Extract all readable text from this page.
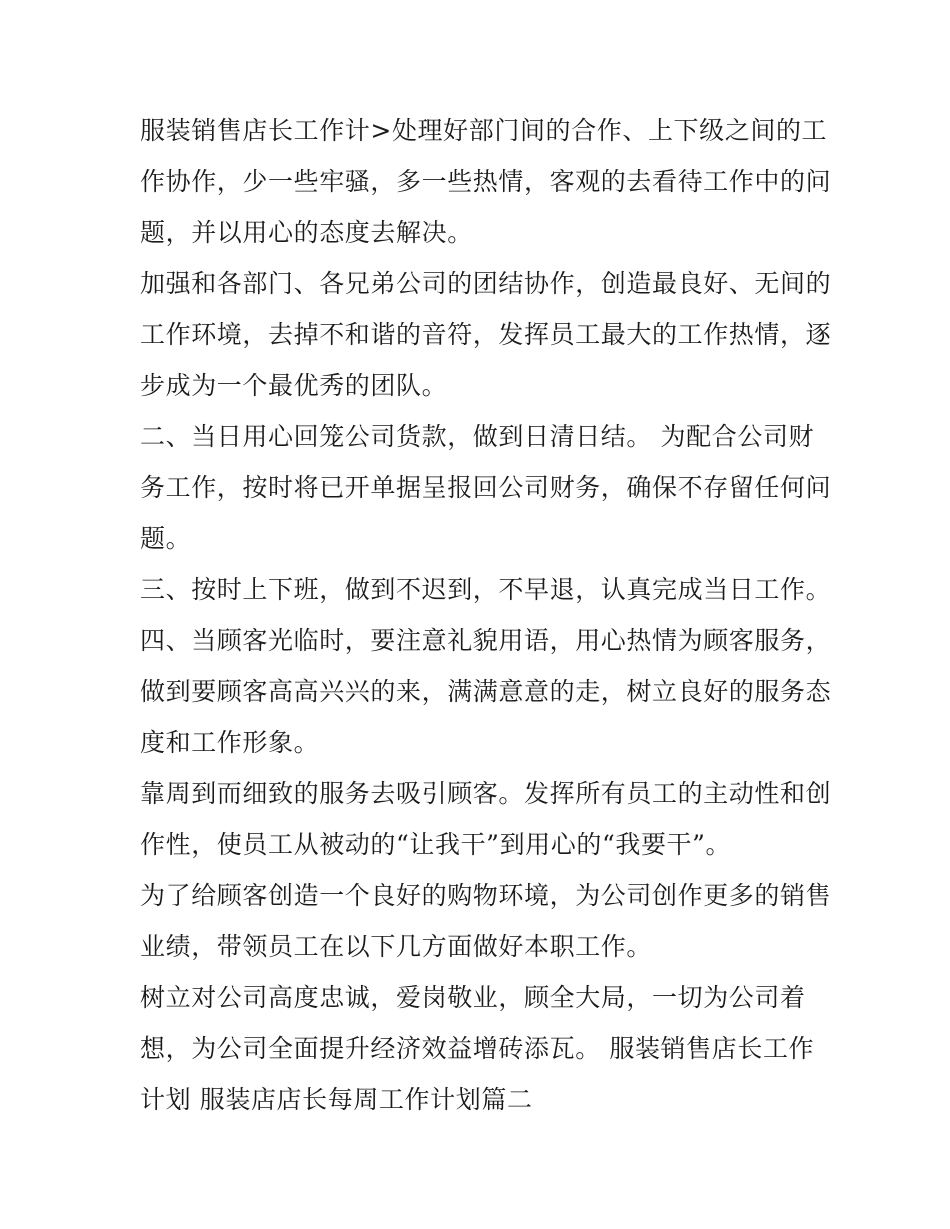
服装销售店长工作计>处理好部门间的合作、上下级之间的工
作协作，少一些牢骚，多一些热情，客观的去看待工作中的问
题，并以用心的态度去解决。
加强和各部门、各兄弟公司的团结协作，创造最良好、无间的
工作环境，去掉不和谐的音符，发挥员工最大的工作热情，逐
步成为一个最优秀的团队。
二、当日用心回笼公司货款，做到日清日结。 为配合公司财
务工作，按时将已开单据呈报回公司财务，确保不存留任何问
题。
三、按时上下班，做到不迟到，不早退，认真完成当日工作。
四、当顾客光临时，要注意礼貌用语，用心热情为顾客服务，
做到要顾客高高兴兴的来，满满意意的走，树立良好的服务态
度和工作形象。
靠周到而细致的服务去吸引顾客。发挥所有员工的主动性和创
作性，使员工从被动的“让我干”到用心的“我要干”。
为了给顾客创造一个良好的购物环境，为公司创作更多的销售
业绩，带领员工在以下几方面做好本职工作。
树立对公司高度忠诚，爱岗敬业，顾全大局，一切为公司着
想，为公司全面提升经济效益增砖添瓦。 服装销售店长工作
计划 服装店店长每周工作计划篇二
